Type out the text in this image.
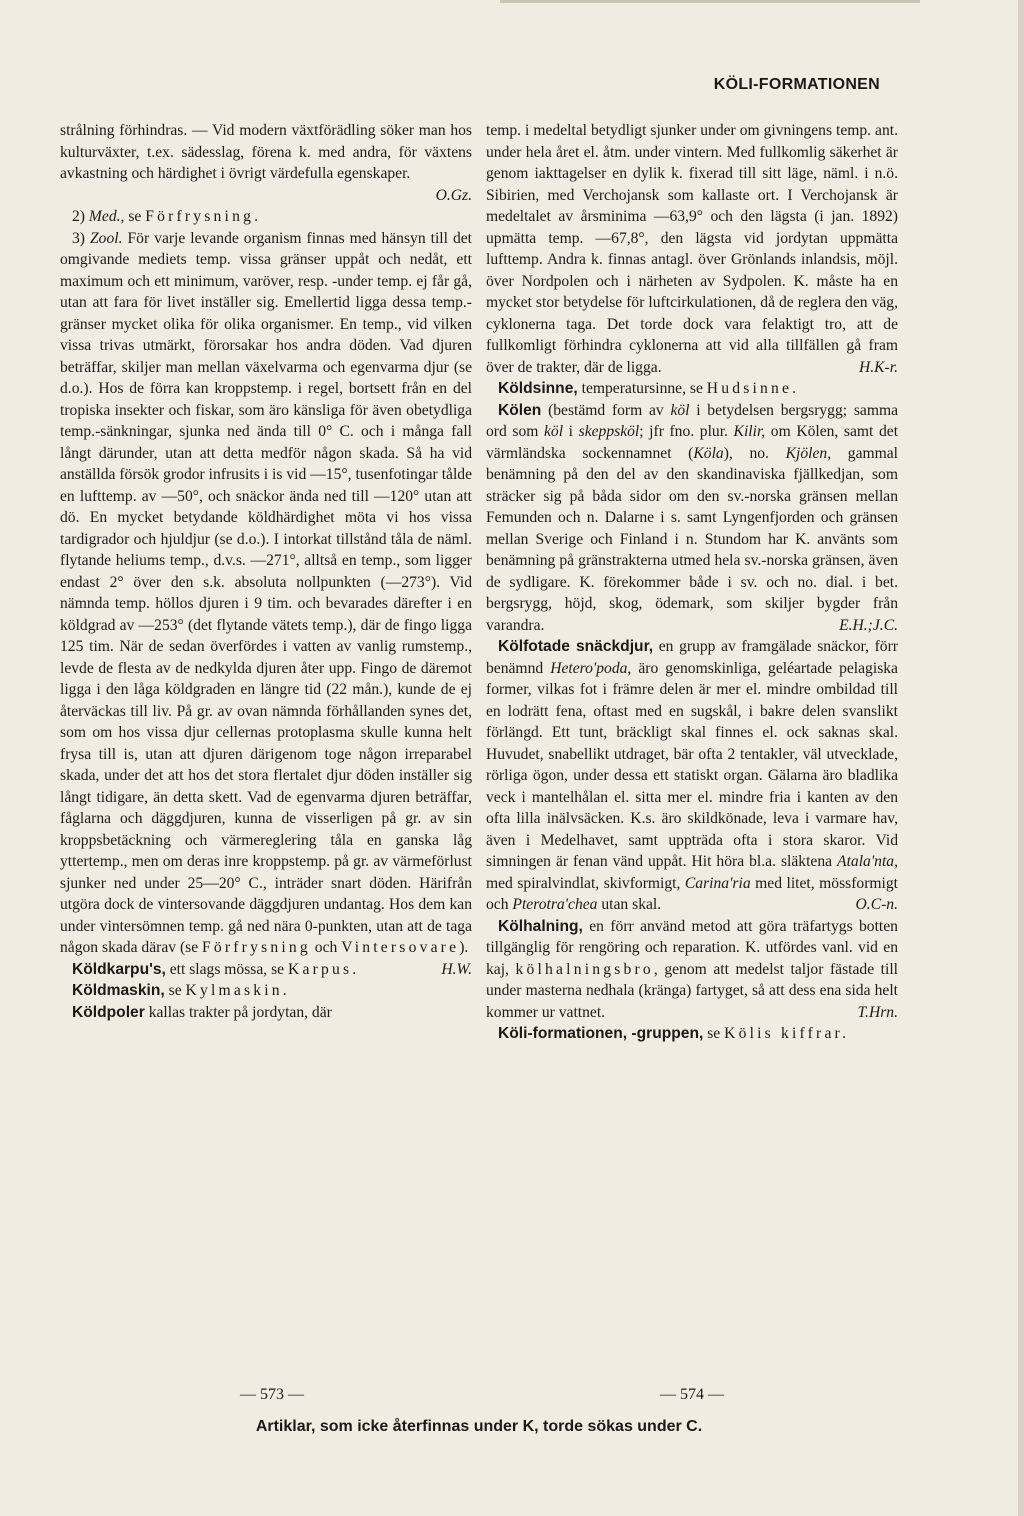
KÖLI-FORMATIONEN

strålning förhindras. — Vid modern växtförädling söker man hos kulturväxter, t.ex. sädesslag, förena k. med andra, för växtens avkastning och härdighet i övrigt värdefulla egenskaper.
O.Gz.

2) Med., se Förfrysning.

3) Zool. För varje levande organism finnas med hänsyn till det omgivande mediets temp. vissa gränser uppåt och nedåt, ett maximum och ett minimum, varöver, resp. -under temp. ej får gå, utan att fara för livet inställer sig. Emellertid ligga dessa temp.-gränser mycket olika för olika organismer. En temp., vid vilken vissa trivas utmärkt, förorsakar hos andra döden. Vad djuren beträffar, skiljer man mellan växelvarma och egenvarma djur (se d.o.). Hos de förra kan kroppstemp. i regel, bortsett från en del tropiska insekter och fiskar, som äro känsliga för även obetydliga temp.-sänkningar, sjunka ned ända till 0° C. och i många fall långt därunder, utan att detta medför någon skada. Så ha vid anställda försök grodor infrusits i is vid —15°, tusenfotingar tålde en lufttemp. av —50°, och snäckor ända ned till —120° utan att dö. En mycket betydande köldhärdighet möta vi hos vissa tardigrador och hjuldjur (se d.o.). I intorkat tillstånd tåla de näml. flytande heliums temp., d.v.s. —271°, alltså en temp., som ligger endast 2° över den s.k. absoluta nollpunkten (—273°). Vid nämnda temp. höllos djuren i 9 tim. och bevarades därefter i en köldgrad av —253° (det flytande vätets temp.), där de fingo ligga 125 tim. När de sedan överfördes i vatten av vanlig rumstemp., levde de flesta av de nedkylda djuren åter upp. Fingo de däremot ligga i den låga köldgraden en längre tid (22 mån.), kunde de ej återväckas till liv. På gr. av ovan nämnda förhållanden synes det, som om hos vissa djur cellernas protoplasma skulle kunna helt frysa till is, utan att djuren därigenom toge någon irreparabel skada, under det att hos det stora flertalet djur döden inställer sig långt tidigare, än detta skett. Vad de egenvarma djuren beträffar, fåglarna och däggdjuren, kunna de visserligen på gr. av sin kroppsbetäckning och värmereglering tåla en ganska låg yttertemp., men om deras inre kroppstemp. på gr. av värmeförlust sjunker ned under 25—20° C., inträder snart döden. Härifrån utgöra dock de vintersovande däggdjuren undantag. Hos dem kan under vintersömnen temp. gå ned nära 0-punkten, utan att de taga någon skada därav (se Förfrysning och Vintersovare).
H.W.

Köldkarpu's, ett slags mössa, se Karpus.

Köldmaskin, se Kylmaskin.

Köldpoler kallas trakter på jordytan, där

temp. i medeltal betydligt sjunker under om givningens temp. ant. under hela året el. åtm. under vintern. Med fullkomlig säkerhet är genom iakttagelser en dylik k. fixerad till sitt läge, näml. i n.ö. Sibirien, med Verchojansk som kallaste ort. I Verchojansk är medeltalet av årsminima —63,9° och den lägsta (i jan. 1892) upmätta temp. —67,8°, den lägsta vid jordytan uppmätta lufttemp. Andra k. finnas antagl. över Grönlands inlandsis, möjl. över Nordpolen och i närheten av Sydpolen. K. måste ha en mycket stor betydelse för luftcirkulationen, då de reglera den väg, cyklonerna taga. Det torde dock vara felaktigt tro, att de fullkomligt förhindra cyklonerna att vid alla tillfällen gå fram över de trakter, där de ligga.	H.K-r.

Köldsinne, temperatursinne, se Hudsinne.

Kölen (bestämd form av köl i betydelsen bergsrygg; samma ord som köl i skeppsköl; jfr fno. plur. Kilir, om Kölen, samt det värmländska sockennamnet (Köla), no. Kjölen, gammal benämning på den del av den skandinaviska fjällkedjan, som sträcker sig på båda sidor om den sv.-norska gränsen mellan Femunden och n. Dalarne i s. samt Lyngenfjorden och gränsen mellan Sverige och Finland i n. Stundom har K. använts som benämning på gränstrakterna utmed hela sv.-norska gränsen, även de sydligare. K. förekommer både i sv. och no. dial. i bet. bergsrygg, höjd, skog, ödemark, som skiljer bygder från varandra.	E.H.;J.C.

Kölfotade snäckdjur, en grupp av framgälade snäckor, förr benämnd Hetero'poda, äro genomskinliga, geléartade pelagiska former, vilkas fot i främre delen är mer el. mindre ombildad till en lodrätt fena, oftast med en sugskål, i bakre delen svanslikt förlängd. Ett tunt, bräckligt skal finnes el. ock saknas skal. Huvudet, snabellikt utdraget, bär ofta 2 tentakler, väl utvecklade, rörliga ögon, under dessa ett statiskt organ. Gälarna äro bladlika veck i mantelhålan el. sitta mer el. mindre fria i kanten av den ofta lilla inälvsäcken. K.s. äro skildkönade, leva i varmare hav, även i Medelhavet, samt uppträda ofta i stora skaror. Vid simningen är fenan vänd uppåt. Hit höra bl.a. släktena Atala'nta, med spiralvindlat, skivformigt, Carina'ria med litet, mössformigt och Pterotra'chea utan skal.	O.C-n.

Kölhalning, en förr använd metod att göra träfartygs botten tillgänglig för rengöring och reparation. K. utfördes vanl. vid en kaj, kölhalningsbro, genom att medelst taljor fästade till under masterna nedhala (kränga) fartyget, så att dess ena sida helt kommer ur vattnet.	T.Hrn.

Köli-formationen, -gruppen, se Kölis kiffrar.

— 573 —	— 574 —
Artiklar, som icke återfinnas under K, torde sökas under C.
